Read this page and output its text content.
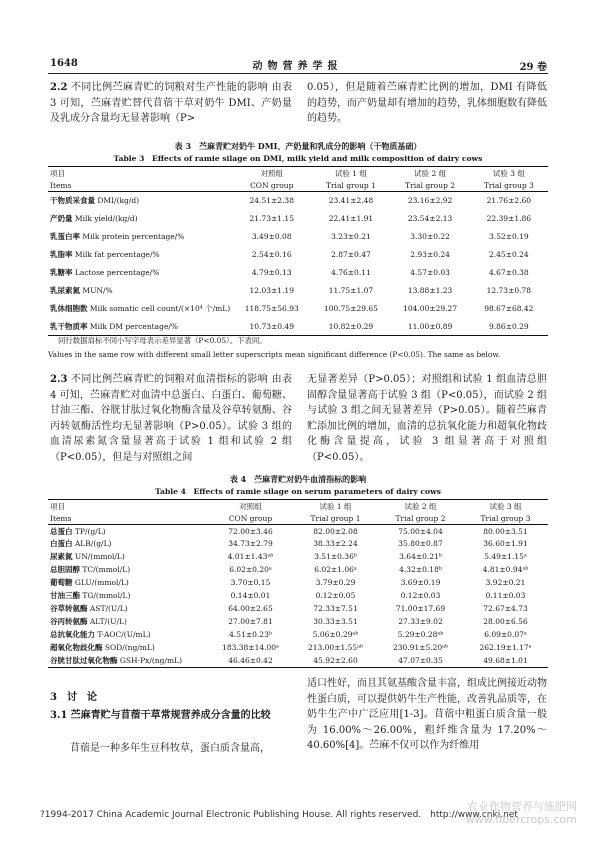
1648	动物营养学报	29 卷
2.2 不同比例苎麻青贮的饲粮对生产性能的影响 由表 3 可知，苎麻青贮替代苜蓿干草对奶牛 DMI、产奶量及乳成分含量均无显著影响（P>
0.05），但是随着苎麻青贮比例的增加，DMI 有降低的趋势，而产奶量却有增加的趋势，乳体细胞数有降低的趋势。
表 3　苎麻青贮对奶牛 DMI、产奶量和乳成分的影响（干物质基础）
Table 3　Effects of ramie silage on DMI, milk yield and milk composition of dairy cows
项目	对照组	试验 1 组	试验 2 组	试验 3 组
Items	CON group	Trial group 1	Trial group 2	Trial group 3
干物质采食量 DMI/(kg/d)	24.51±2.38	23.41±2.48	23.16±2.92	21.76±2.60
产奶量 Milk yield/(kg/d)	21.73±1.15	22.41±1.91	23.54±2.13	22.39±1.86
乳蛋白率 Milk protein percentage/%	3.49±0.08	3.23±0.21	3.30±0.22	3.52±0.19
乳脂率 Milk fat percentage/%	2.54±0.16	2.87±0.47	2.93±0.24	2.45±0.24
乳糖率 Lactose percentage/%	4.79±0.13	4.76±0.11	4.57±0.03	4.67±0.38
乳尿素氮 MUN/%	12.03±1.19	11.75±1.07	13.88±1.23	12.73±0.78
乳体细胞数 Milk somatic cell count/(×10⁴ 个/mL)	118.75±56.93	100.75±29.65	104.00±29.27	98.67±68.42
乳干物质率 Milk DM percentage/%	10.73±0.49	10.82±0.29	11.00±0.89	9.86±0.29

同行数据肩标不同小写字母表示差异显著（P<0.05）。下表同。
Values in the same row with different small letter superscripts mean significant difference (P<0.05). The same as below.
2.3 不同比例苎麻青贮的饲粮对血清指标的影响 由表 4 可知，苎麻青贮对血清中总蛋白、白蛋白、葡萄糖、甘油三酯、谷胱甘肽过氧化物酶含量及谷草转氨酶、谷丙转氨酶活性均无显著影响（P>0.05）。试验 3 组的血清尿素氮含量显著高于试验 1 组和试验 2 组（P<0.05），但是与对照组之间
无显著差异（P>0.05）；对照组和试验 1 组血清总胆固醇含量显著高于试验 3 组（P<0.05），而试验 2 组与试验 3 组之间无显著差异（P>0.05）。随着苎麻青贮添加比例的增加，血清的总抗氧化能力和超氧化物歧化酶含量提高，试验 3 组显著高于对照组（P<0.05）。
表 4　苎麻青贮对奶牛血清指标的影响
Table 4　Effects of ramie silage on serum parameters of dairy cows
项目	对照组	试验 1 组	试验 2 组	试验 3 组
Items	CON group	Trial group 1	Trial group 2	Trial group 3
总蛋白 TP/(g/L)	72.00±3.46	82.00±2.08	75.00±4.04	80.00±3.51
白蛋白 ALB/(g/L)	34.73±2.79	38.33±2.24	35.80±0.87	36.60±1.91
尿素氮 UN/(mmol/L)	4.01±1.43ᵃᵇ	3.51±0.36ᵇ	3.64±0.21ᵇ	5.49±1.15ᵃ
总胆固醇 TC/(mmol/L)	6.02±0.20ᵃ	6.02±1.06ᵃ	4.32±0.18ᵇ	4.81±0.94ᵃᵇ
葡萄糖 GLU/(mmol/L)	3.70±0.15	3.79±0.29	3.69±0.19	3.92±0.21
甘油三酯 TG/(mmol/L)	0.14±0.01	0.12±0.05	0.12±0.03	0.11±0.03
谷草转氨酶 AST/(U/L)	64.00±2.65	72.33±7.51	71.00±17.69	72.67±4.73
谷丙转氨酶 ALT/(U/L)	27.00±7.81	30.33±3.51	27.33±9.02	28.00±6.56
总抗氧化能力 T-AOC/(U/mL)	4.51±0.23ᵇ	5.06±0.29ᵃᵇ	5.29±0.28ᵃᵇ	6.09±0.07ᵃ
超氧化物歧化酶 SOD/(ng/mL)	183.38±14.00ᵃ	213.00±1.55ᵃᵇ	230.91±5.20ᵃᵇ	262.19±1.17ᵃ
谷胱甘肽过氧化物酶 GSH-Px/(ng/mL)	46.46±0.42	45.92±2.60	47.07±0.35	49.68±1.01

3　讨　论
3.1 苎麻青贮与苜蓿干草常规营养成分含量的比较
苜蓿是一种多年生豆科牧草，蛋白质含量高，
适口性好，而且其氨基酸含量丰富，组成比例接近动物性蛋白质，可以提供奶牛生产性能，改善乳品质等，在奶牛生产中广泛应用[1-3]。苜蓿中粗蛋白质含量一般为 16.00%～26.00%，粗纤维含量为 17.20%～40.60%[4]。苎麻不仅可以作为纤维用
?1994-2017 China Academic Journal Electronic Publishing House. All rights reserved.　http://www.cnki.net
农业作物营养与施肥网
www.fibercrops.com
